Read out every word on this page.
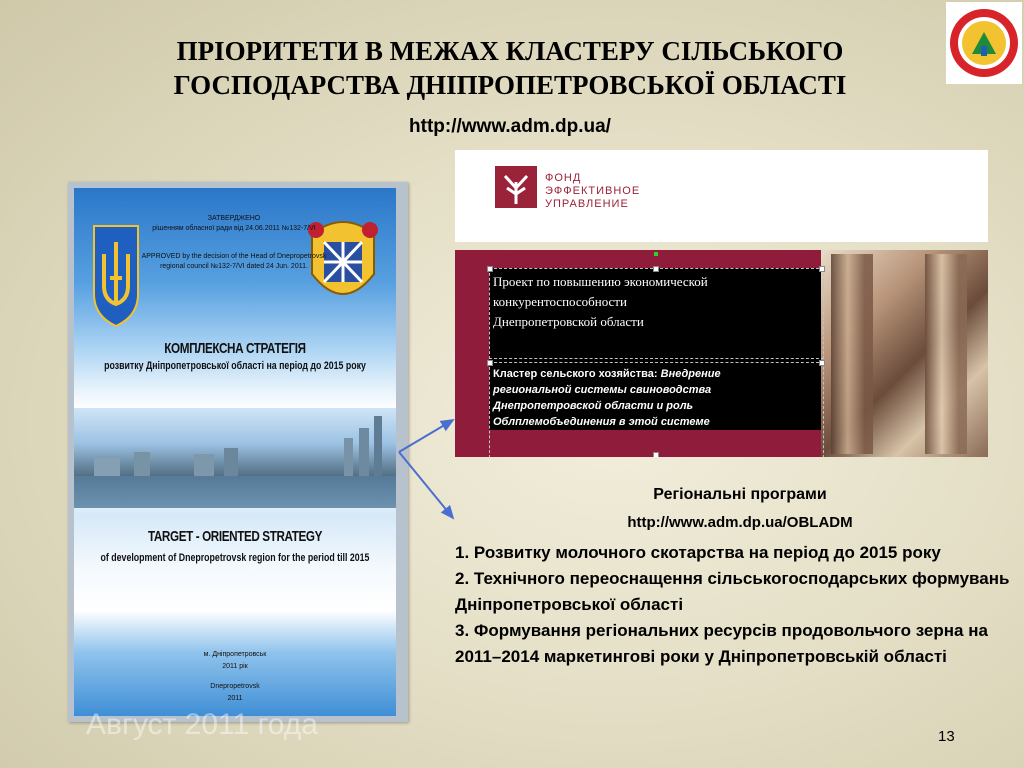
ПРІОРИТЕТИ В МЕЖАХ КЛАСТЕРУ СІЛЬСЬКОГО
ГОСПОДАРСТВА ДНІПРОПЕТРОВСЬКОЇ ОБЛАСТІ
http://www.adm.dp.ua/
ЗАТВЕРДЖЕНО
рішенням обласної ради від 24.06.2011 №132-7/VI
APPROVED by the decision of the Head of Dnepropetrovsk
regional council №132-7/VI dated 24 Jun. 2011.
КОМПЛЕКСНА СТРАТЕГІЯ
розвитку Дніпропетровської області на період до 2015 року
TARGET - ORIENTED STRATEGY
of development of Dnepropetrovsk region for the period till 2015
м. Дніпропетровськ
2011 рік
Dnepropetrovsk
2011
Август 2011 года
ФОНД
ЭФФЕКТИВНОЕ
УПРАВЛЕНИЕ
Проект по повышению экономической
конкурентоспособности
Днепропетровской области
Кластер сельского хозяйства: Внедрение
региональной системы свиноводства
Днепропетровской области и роль
Облплемобъединения в этой системе
Регіональні програми
http://www.adm.dp.ua/OBLADM

1. Розвитку молочного скотарства на період до 2015 року

2. Технічного переоснащення сільськогосподарських формувань Дніпропетровської області

3. Формування регіональних ресурсів продовольчого зерна на 2011–2014 маркетингові роки у Дніпропетровській області

13
